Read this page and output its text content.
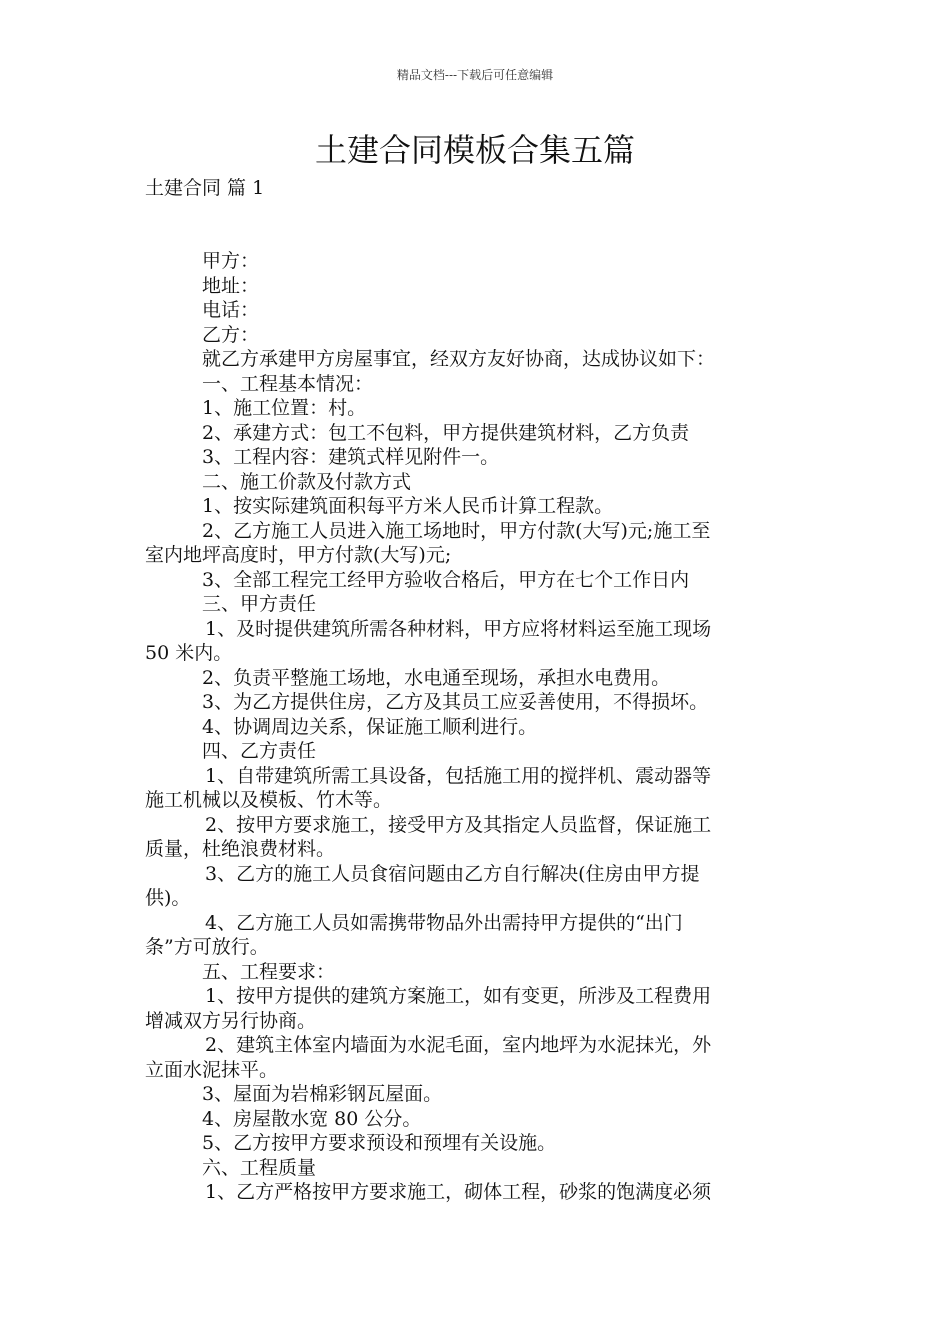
精品文档---下载后可任意编辑
土建合同模板合集五篇
土建合同 篇 1

甲方：

地址：

电话：

乙方：

就乙方承建甲方房屋事宜，经双方友好协商，达成协议如下：

一、工程基本情况：

1、施工位置：村。

2、承建方式：包工不包料，甲方提供建筑材料，乙方负责

3、工程内容：建筑式样见附件一。

二、施工价款及付款方式

1、按实际建筑面积每平方米人民币计算工程款。

2、乙方施工人员进入施工场地时，甲方付款(大写)元;施工至

室内地坪高度时，甲方付款(大写)元;

3、全部工程完工经甲方验收合格后，甲方在七个工作日内

三、甲方责任

1、及时提供建筑所需各种材料，甲方应将材料运至施工现场

50 米内。

2、负责平整施工场地，水电通至现场，承担水电费用。

3、为乙方提供住房，乙方及其员工应妥善使用，不得损坏。

4、协调周边关系，保证施工顺利进行。

四、乙方责任

1、自带建筑所需工具设备，包括施工用的搅拌机、震动器等

施工机械以及模板、竹木等。

2、按甲方要求施工，接受甲方及其指定人员监督，保证施工

质量，杜绝浪费材料。

3、乙方的施工人员食宿问题由乙方自行解决(住房由甲方提

供)。

4、乙方施工人员如需携带物品外出需持甲方提供的“出门

条”方可放行。

五、工程要求：

1、按甲方提供的建筑方案施工，如有变更，所涉及工程费用

增减双方另行协商。

2、建筑主体室内墙面为水泥毛面，室内地坪为水泥抹光，外

立面水泥抹平。

3、屋面为岩棉彩钢瓦屋面。

4、房屋散水宽 80 公分。

5、乙方按甲方要求预设和预埋有关设施。

六、工程质量

1、乙方严格按甲方要求施工，砌体工程，砂浆的饱满度必须
